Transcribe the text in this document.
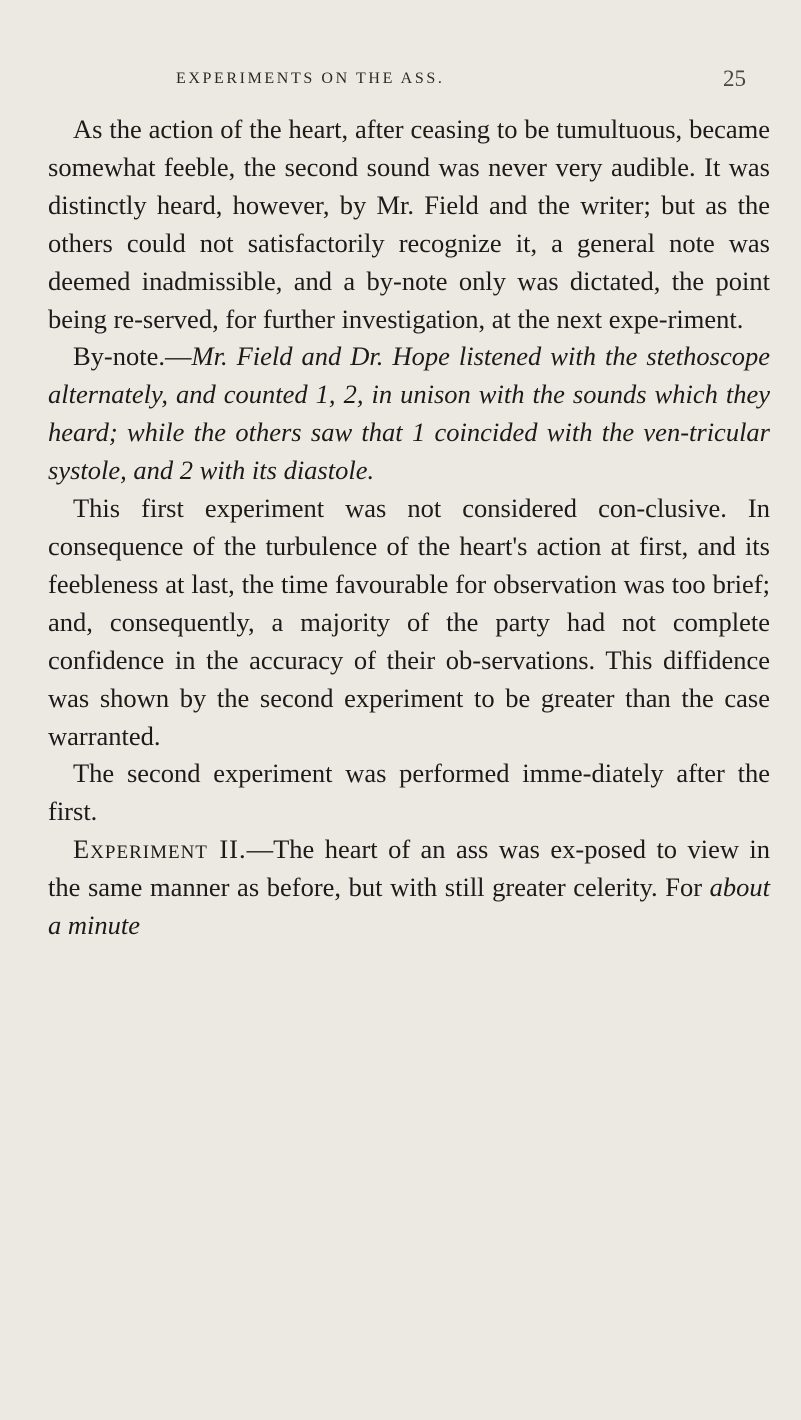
EXPERIMENTS ON THE ASS.	25

As the action of the heart, after ceasing to be tumultuous, became somewhat feeble, the second sound was never very audible. It was distinctly heard, however, by Mr. Field and the writer; but as the others could not satisfactorily recognize it, a general note was deemed inadmissible, and a by-note only was dictated, the point being re-served, for further investigation, at the next expe-riment.

By-note.—Mr. Field and Dr. Hope listened with the stethoscope alternately, and counted 1, 2, in unison with the sounds which they heard; while the others saw that 1 coincided with the ven-tricular systole, and 2 with its diastole.

This first experiment was not considered con-clusive. In consequence of the turbulence of the heart's action at first, and its feebleness at last, the time favourable for observation was too brief; and, consequently, a majority of the party had not complete confidence in the accuracy of their ob-servations. This diffidence was shown by the second experiment to be greater than the case warranted.

The second experiment was performed imme-diately after the first.

Experiment II.—The heart of an ass was ex-posed to view in the same manner as before, but with still greater celerity. For about a minute
